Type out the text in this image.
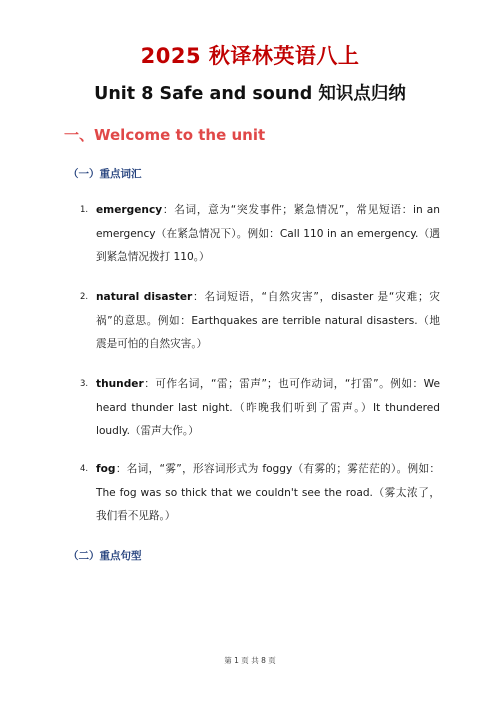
2025 秋译林英语八上
Unit 8 Safe and sound 知识点归纳
一、Welcome to the unit
（一）重点词汇
1. emergency：名词，意为“突发事件；紧急情况”，常见短语：in an emergency（在紧急情况下）。例如：Call 110 in an emergency.（遇到紧急情况拨打 110。）
2. natural disaster：名词短语，“自然灾害”，disaster 是“灾难；灾祸”的意思。例如：Earthquakes are terrible natural disasters.（地震是可怕的自然灾害。）
3. thunder：可作名词，“雷；雷声”；也可作动词，“打雷”。例如：We heard thunder last night.（昨晚我们听到了雷声。）It thundered loudly.（雷声大作。）
4. fog：名词，“雾”，形容词形式为 foggy（有雾的；雾茫茫的）。例如：The fog was so thick that we couldn't see the road.（雾太浓了，我们看不见路。）
（二）重点句型
第 1 页 共 8 页
